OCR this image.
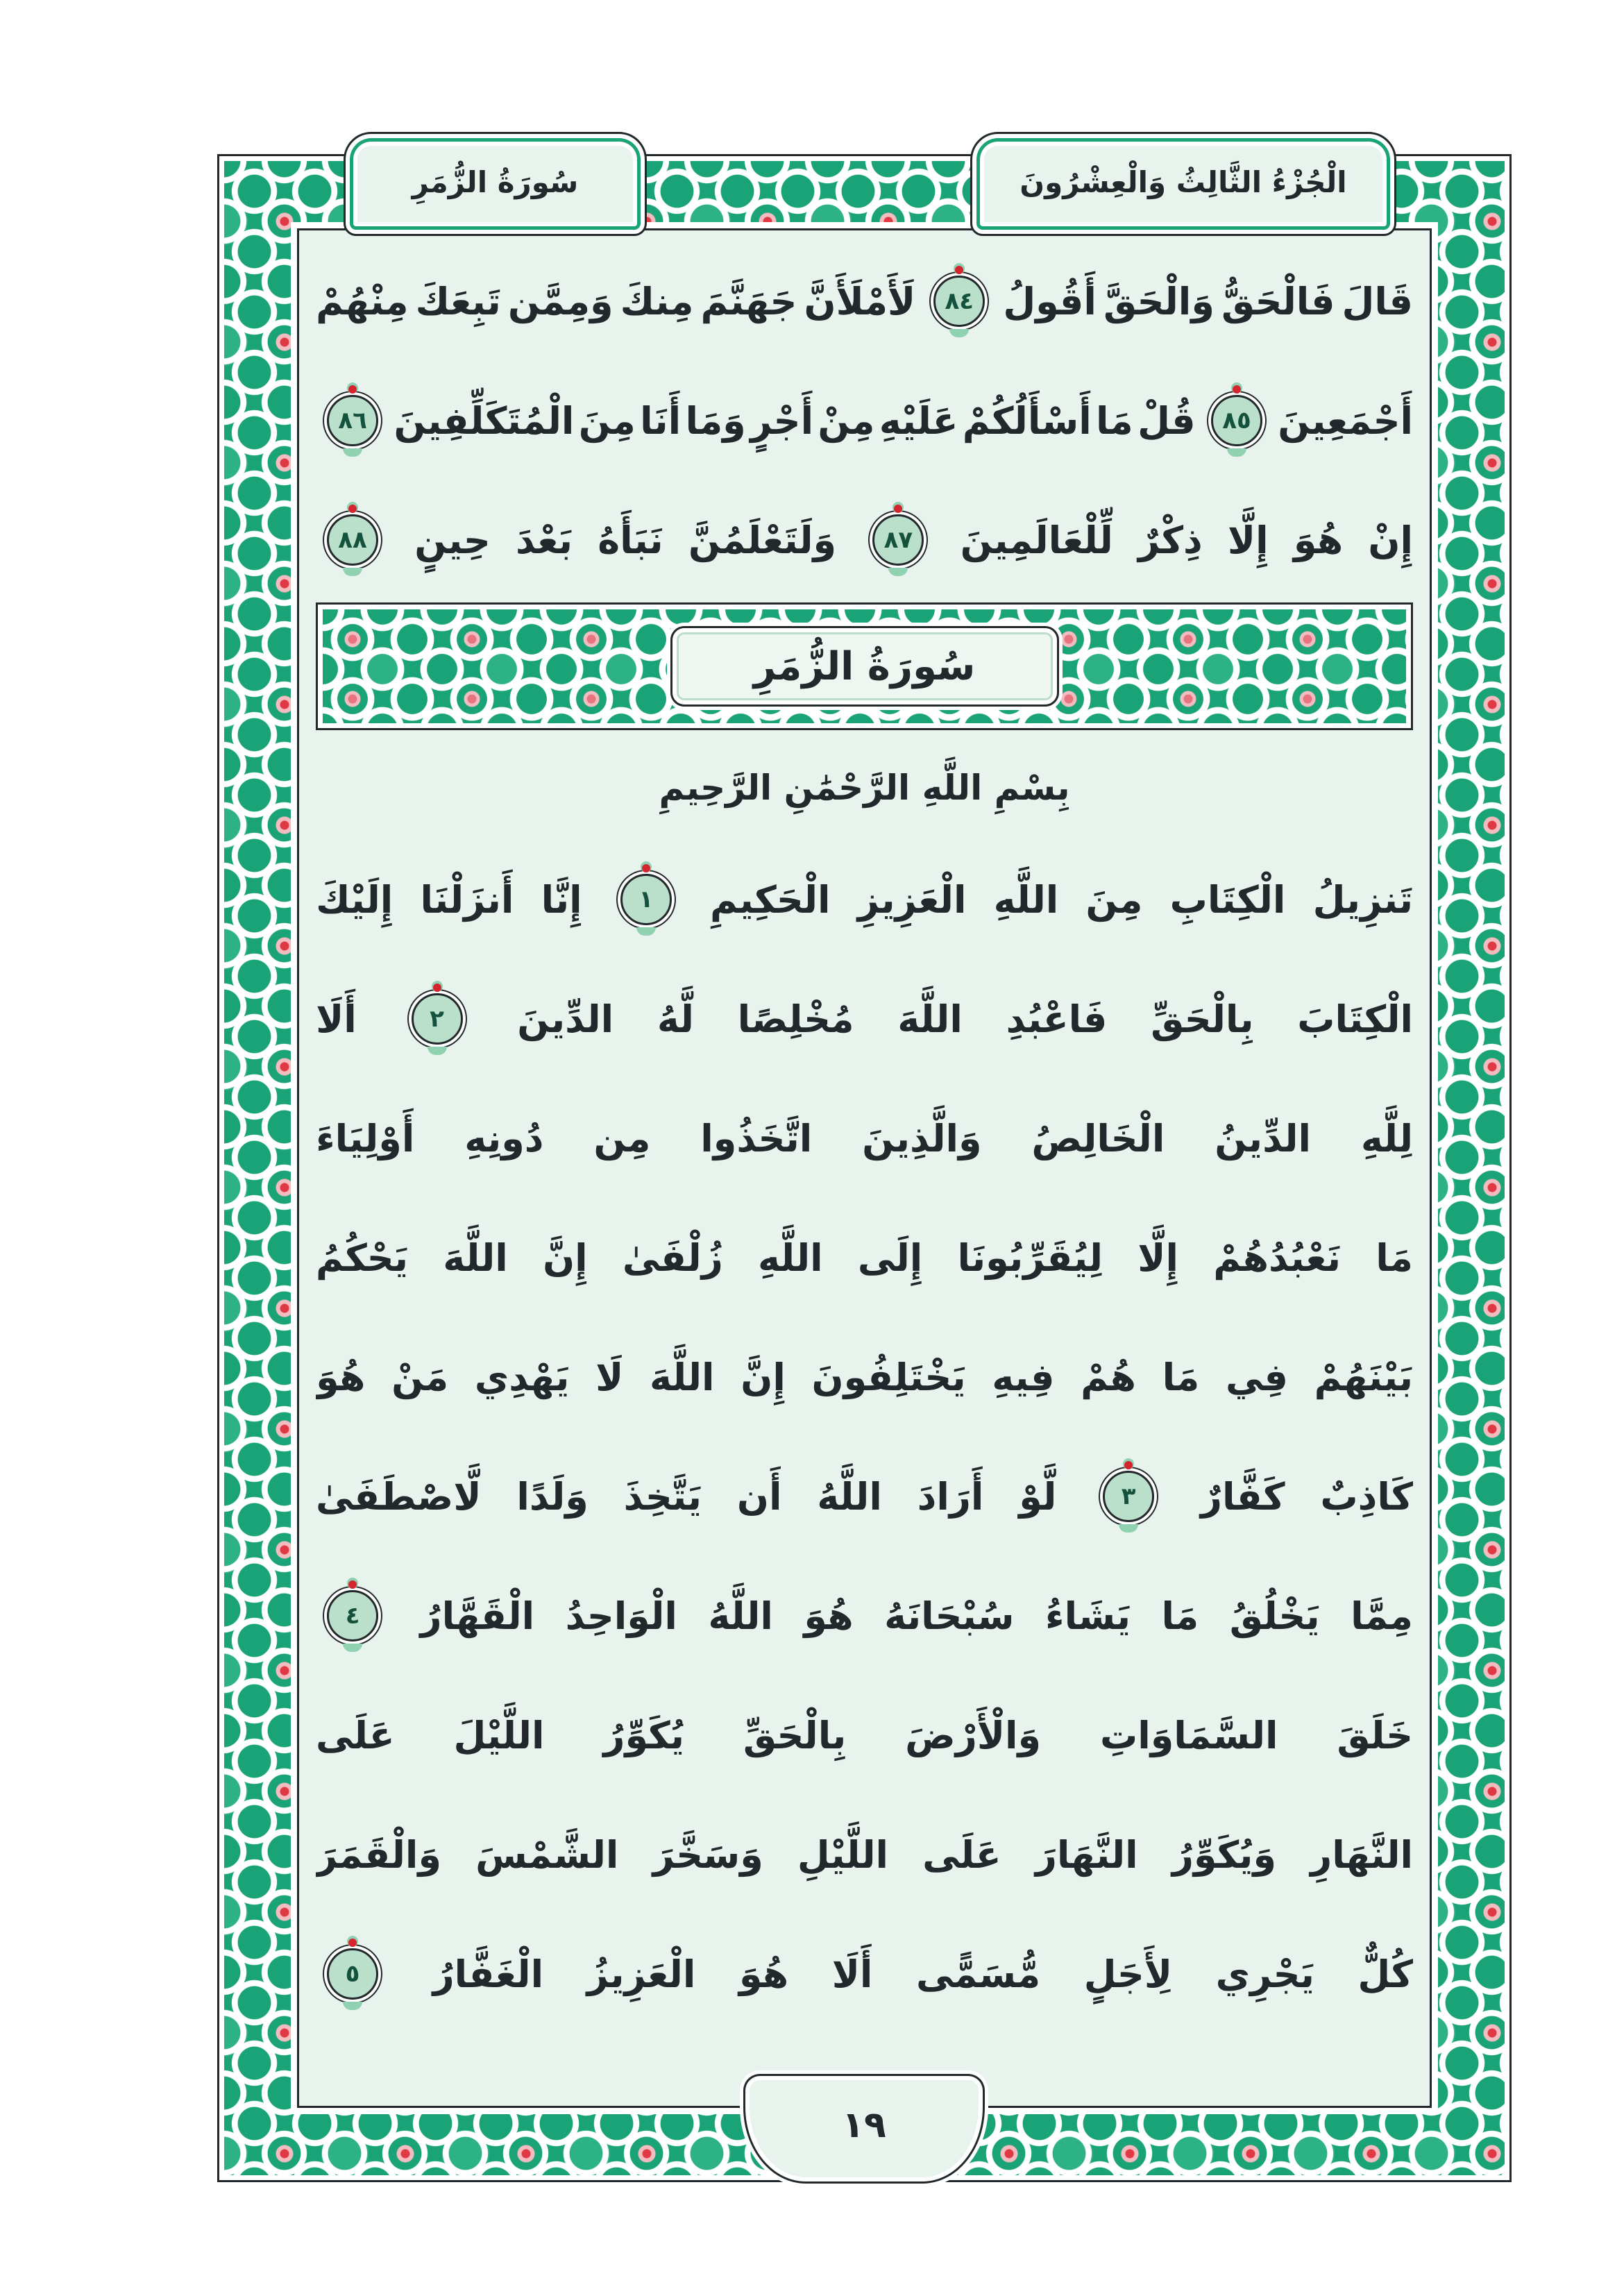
الْجُزْءُ الثَّالِثُ وَالْعِشْرُونَ
سُورَةُ الزُّمَرِ
قَالَ
فَالْحَقُّ
وَالْحَقَّ
أَقُولُ
٨٤
لَأَمْلَأَنَّ
جَهَنَّمَ
مِنكَ
وَمِمَّن
تَبِعَكَ
مِنْهُمْ
أَجْمَعِينَ
٨٥
قُلْ
مَا
أَسْأَلُكُمْ
عَلَيْهِ
مِنْ
أَجْرٍ
وَمَا
أَنَا
مِنَ
الْمُتَكَلِّفِينَ
٨٦
إِنْ
هُوَ
إِلَّا
ذِكْرٌ
لِّلْعَالَمِينَ
٨٧
وَلَتَعْلَمُنَّ
نَبَأَهُ
بَعْدَ
حِينٍ
٨٨
سُورَةُ الزُّمَرِ
بِسْمِ اللَّهِ الرَّحْمَٰنِ الرَّحِيمِ
تَنزِيلُ
الْكِتَابِ
مِنَ
اللَّهِ
الْعَزِيزِ
الْحَكِيمِ
١
إِنَّا
أَنزَلْنَا
إِلَيْكَ
الْكِتَابَ
بِالْحَقِّ
فَاعْبُدِ
اللَّهَ
مُخْلِصًا
لَّهُ
الدِّينَ
٢
أَلَا
لِلَّهِ
الدِّينُ
الْخَالِصُ
وَالَّذِينَ
اتَّخَذُوا
مِن
دُونِهِ
أَوْلِيَاءَ
مَا
نَعْبُدُهُمْ
إِلَّا
لِيُقَرِّبُونَا
إِلَى
اللَّهِ
زُلْفَىٰ
إِنَّ
اللَّهَ
يَحْكُمُ
بَيْنَهُمْ
فِي
مَا
هُمْ
فِيهِ
يَخْتَلِفُونَ
إِنَّ
اللَّهَ
لَا
يَهْدِي
مَنْ
هُوَ
كَاذِبٌ
كَفَّارٌ
٣
لَّوْ
أَرَادَ
اللَّهُ
أَن
يَتَّخِذَ
وَلَدًا
لَّاصْطَفَىٰ
مِمَّا
يَخْلُقُ
مَا
يَشَاءُ
سُبْحَانَهُ
هُوَ
اللَّهُ
الْوَاحِدُ
الْقَهَّارُ
٤
خَلَقَ
السَّمَاوَاتِ
وَالْأَرْضَ
بِالْحَقِّ
يُكَوِّرُ
اللَّيْلَ
عَلَى
النَّهَارِ
وَيُكَوِّرُ
النَّهَارَ
عَلَى
اللَّيْلِ
وَسَخَّرَ
الشَّمْسَ
وَالْقَمَرَ
كُلٌّ
يَجْرِي
لِأَجَلٍ
مُّسَمًّى
أَلَا
هُوَ
الْعَزِيزُ
الْغَفَّارُ
٥
١٩
